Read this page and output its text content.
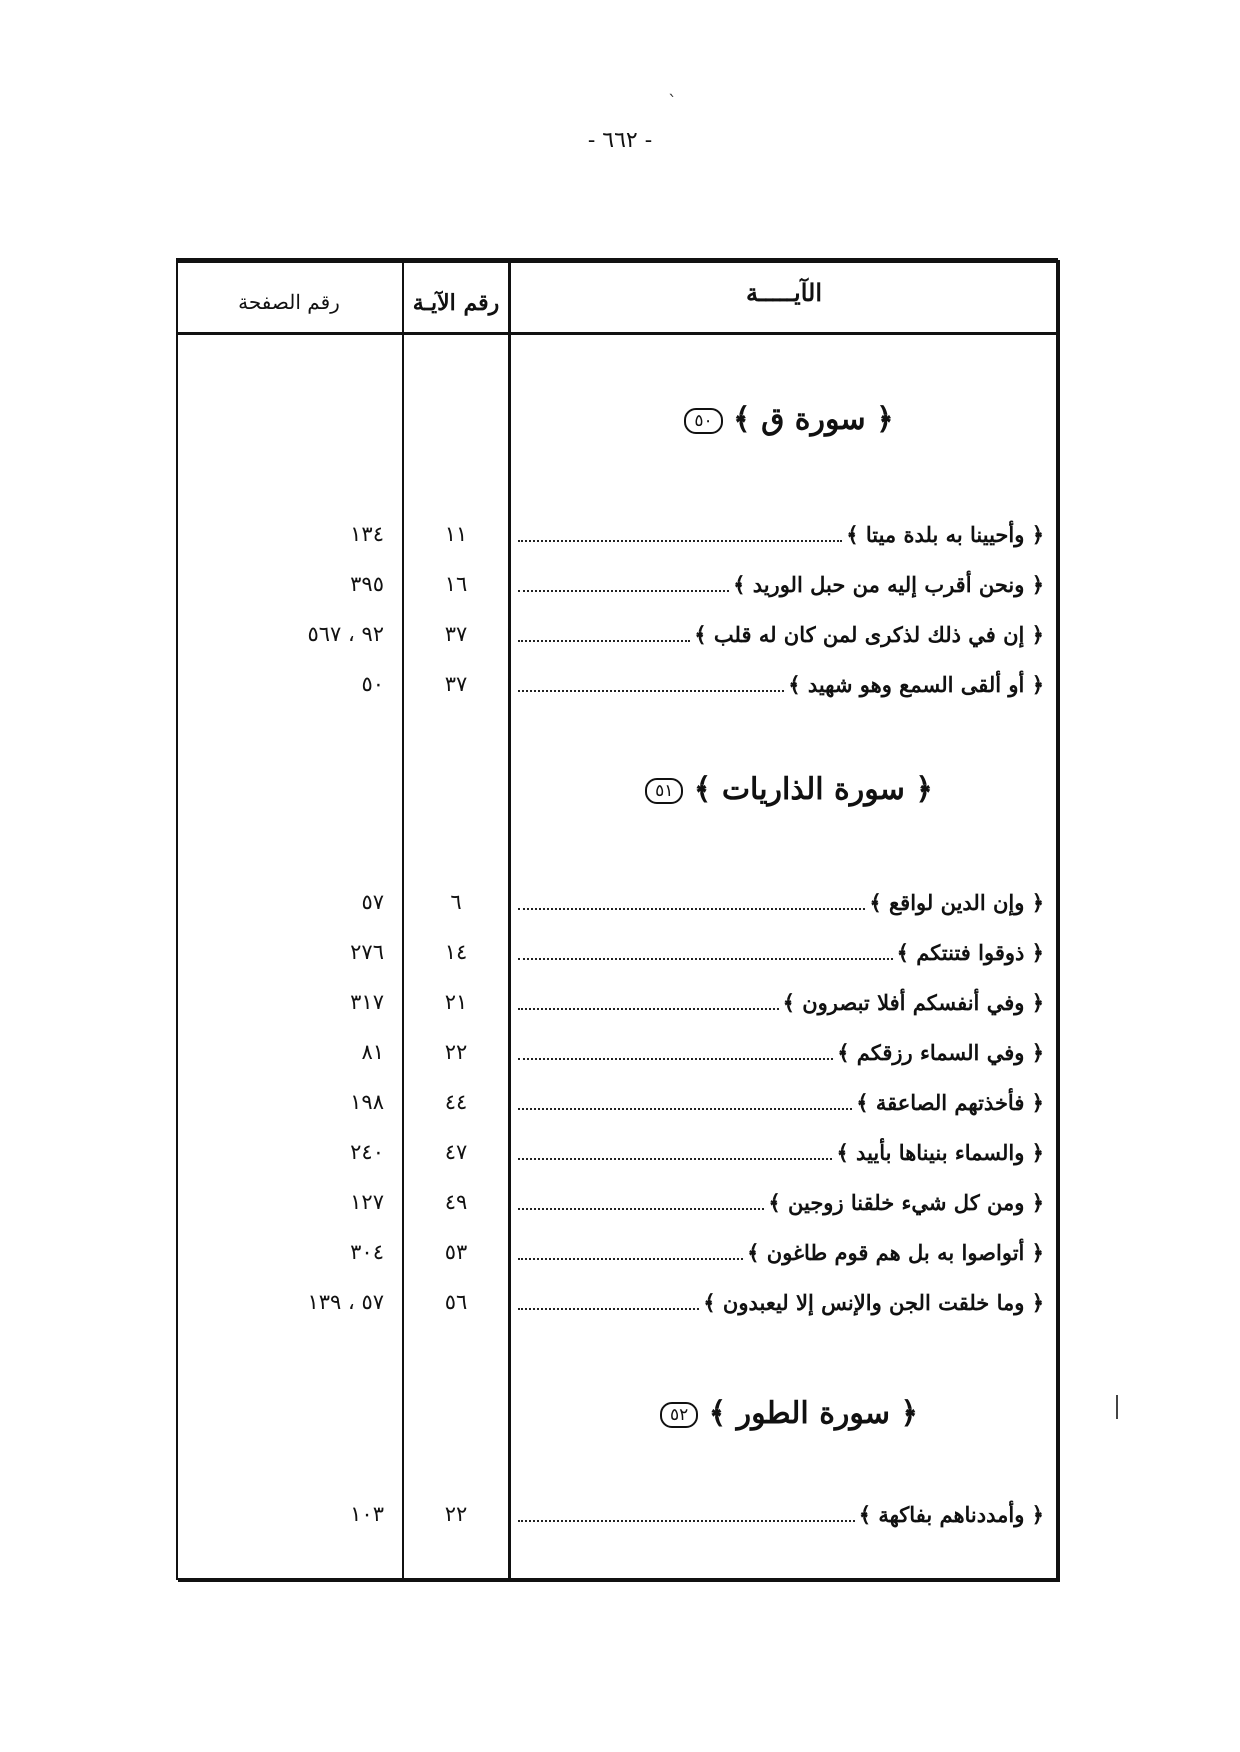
`
- ٦٦٢ -
الآيـــــة
رقم الآيـة
رقم الصفحة
﴿ سورة ق ﴾ ٥٠
﴿ وأحيينا به بلدة ميتا ﴾
١١
١٣٤
﴿ ونحن أقرب إليه من حبل الوريد ﴾
١٦
٣٩٥
﴿ إن في ذلك لذكرى لمن كان له قلب ﴾
٣٧
٩٢ ، ٥٦٧
﴿ أو ألقى السمع وهو شهيد ﴾
٣٧
٥٠
﴿ سورة الذاريات ﴾ ٥١
﴿ وإن الدين لواقع ﴾
٦
٥٧
﴿ ذوقوا فتنتكم ﴾
١٤
٢٧٦
﴿ وفي أنفسكم أفلا تبصرون ﴾
٢١
٣١٧
﴿ وفي السماء رزقكم ﴾
٢٢
٨١
﴿ فأخذتهم الصاعقة ﴾
٤٤
١٩٨
﴿ والسماء بنيناها بأييد ﴾
٤٧
٢٤٠
﴿ ومن كل شيء خلقنا زوجين ﴾
٤٩
١٢٧
﴿ أتواصوا به بل هم قوم طاغون ﴾
٥٣
٣٠٤
﴿ وما خلقت الجن والإنس إلا ليعبدون ﴾
٥٦
٥٧ ، ١٣٩
﴿ سورة الطور ﴾ ٥٢
﴿ وأمددناهم بفاكهة ﴾
٢٢
١٠٣
